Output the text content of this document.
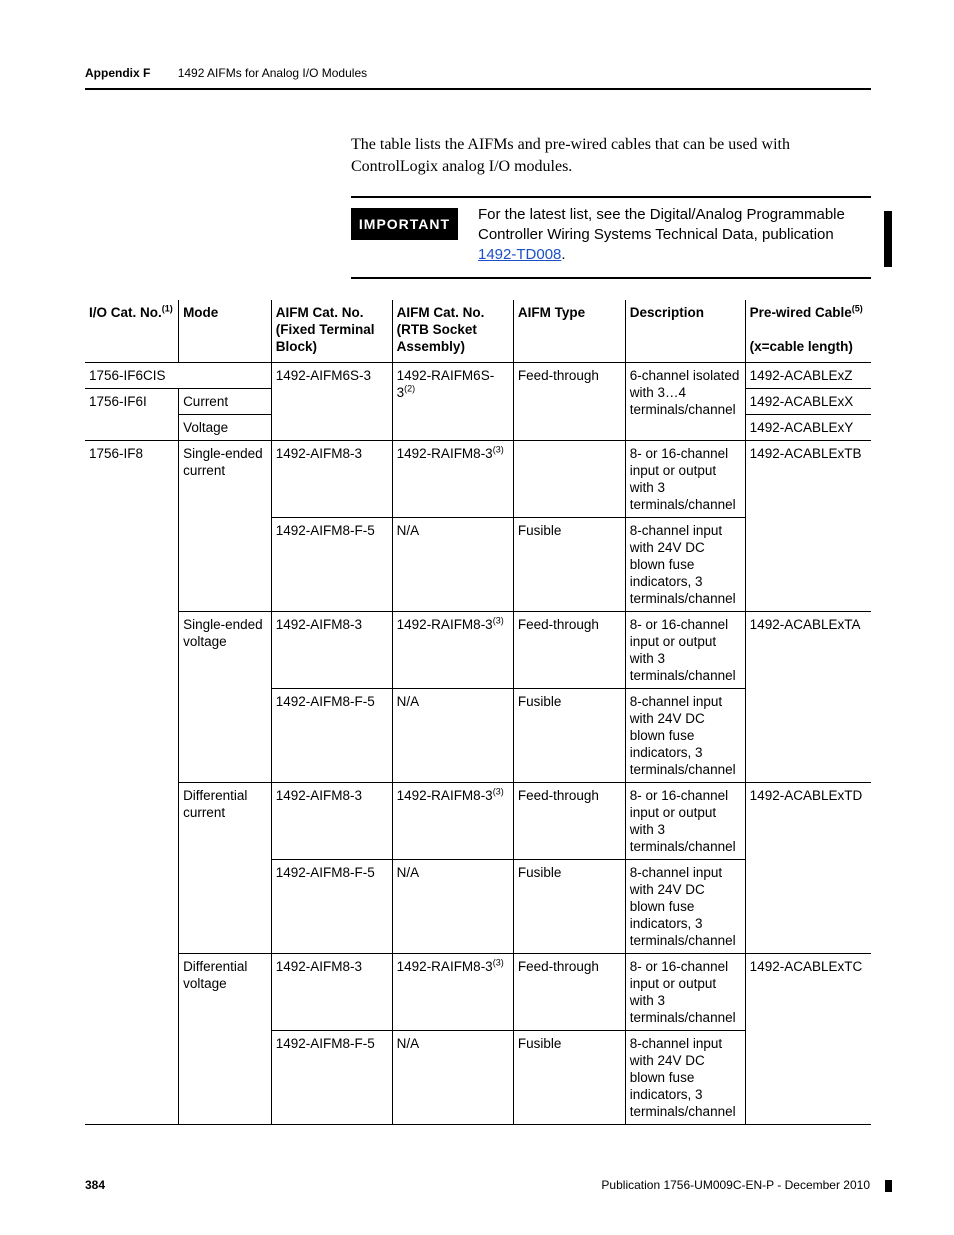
Appendix F 1492 AIFMs for Analog I/O Modules
The table lists the AIFMs and pre-wired cables that can be used with ControlLogix analog I/O modules.
IMPORTANT
For the latest list, see the Digital/Analog Programmable Controller Wiring Systems Technical Data, publication 1492-TD008.
I/O Cat. No.$^{(1)}$	Mode	AIFM Cat. No. (Fixed Terminal Block)	AIFM Cat. No. (RTB Socket Assembly)	AIFM Type	Description	Pre-wired Cable$^{(5)}$

(x=cable length)
1756-IF6CIS		1492-AIFM6S-3	1492-RAIFM6S-3$^{(2)}$	Feed-through	6-channel isolated with 3…4 terminals/channel	1492-ACABLExZ
1756-IF6I	Current					1492-ACABLExX
	Voltage					1492-ACABLExY
1756-IF8	Single-ended current	1492-AIFM8-3	1492-RAIFM8-3$^{(3)}$		8- or 16-channel input or output with 3 terminals/channel	1492-ACABLExTB
		1492-AIFM8-F-5	N/A	Fusible	8-channel input with 24V DC blown fuse indicators, 3 terminals/channel	
	Single-ended voltage	1492-AIFM8-3	1492-RAIFM8-3$^{(3)}$	Feed-through	8- or 16-channel input or output with 3 terminals/channel	1492-ACABLExTA
		1492-AIFM8-F-5	N/A	Fusible	8-channel input with 24V DC blown fuse indicators, 3 terminals/channel	
	Differential current	1492-AIFM8-3	1492-RAIFM8-3$^{(3)}$	Feed-through	8- or 16-channel input or output with 3 terminals/channel	1492-ACABLExTD
		1492-AIFM8-F-5	N/A	Fusible	8-channel input with 24V DC blown fuse indicators, 3 terminals/channel	
	Differential voltage	1492-AIFM8-3	1492-RAIFM8-3$^{(3)}$	Feed-through	8- or 16-channel input or output with 3 terminals/channel	1492-ACABLExTC
		1492-AIFM8-F-5	N/A	Fusible	8-channel input with 24V DC blown fuse indicators, 3 terminals/channel	
384	Publication 1756-UM009C-EN-P - December 2010
